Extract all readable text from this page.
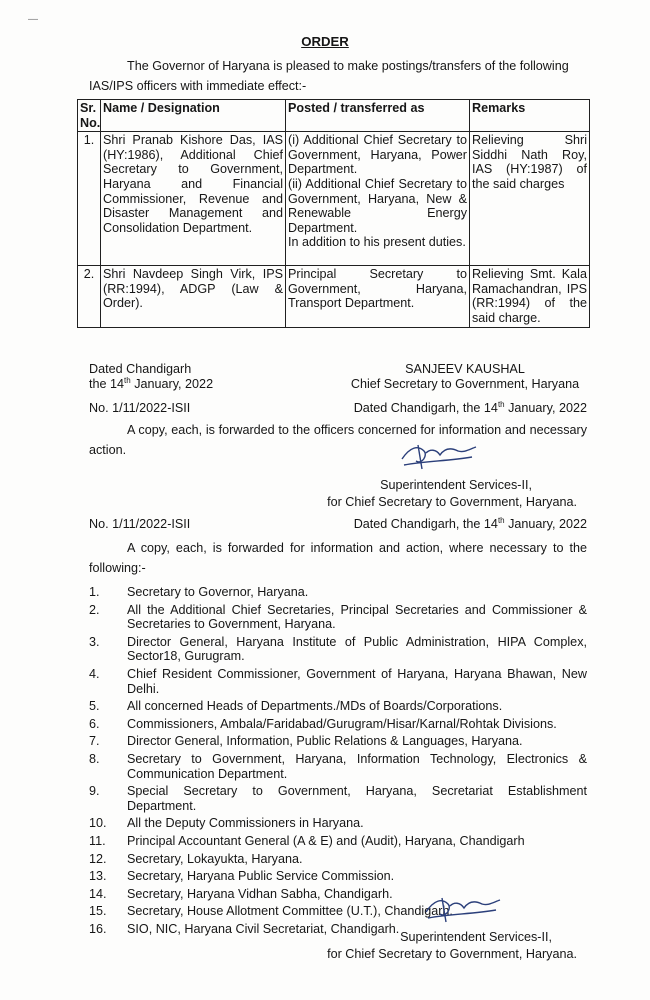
—
ORDER
The Governor of Haryana is pleased to make postings/transfers of the following IAS/IPS officers with immediate effect:-
Sr. No.	Name / Designation	Posted / transferred as	Remarks
1.	Shri Pranab Kishore Das, IAS (HY:1986), Additional Chief Secretary to Government, Haryana and Financial Commissioner, Revenue and Disaster Management and Consolidation Department.	(i) Additional Chief Secretary to Government, Haryana, Power Department.
(ii) Additional Chief Secretary to Government, Haryana, New & Renewable Energy Department.
In addition to his present duties.	Relieving Shri Siddhi Nath Roy, IAS (HY:1987) of the said charges
2.	Shri Navdeep Singh Virk, IPS (RR:1994), ADGP (Law & Order).	Principal Secretary to Government, Haryana, Transport Department.	Relieving Smt. Kala Ramachandran, IPS (RR:1994) of the said charge.
Dated Chandigarh
the 14th January, 2022
SANJEEV KAUSHAL
Chief Secretary to Government, Haryana
No. 1/11/2022-ISII	Dated Chandigarh, the 14th January, 2022
A copy, each, is forwarded to the officers concerned for information and necessary action.
Superintendent Services-II,
for Chief Secretary to Government, Haryana.
No. 1/11/2022-ISII	Dated Chandigarh, the 14th January, 2022
A copy, each, is forwarded for information and action, where necessary to the following:-
1.	Secretary to Governor, Haryana.
2.	All the Additional Chief Secretaries, Principal Secretaries and Commissioner & Secretaries to Government, Haryana.
3.	Director General, Haryana Institute of Public Administration, HIPA Complex, Sector18, Gurugram.
4.	Chief Resident Commissioner, Government of Haryana, Haryana Bhawan, New Delhi.
5.	All concerned Heads of Departments./MDs of Boards/Corporations.
6.	Commissioners, Ambala/Faridabad/Gurugram/Hisar/Karnal/Rohtak Divisions.
7.	Director General, Information, Public Relations & Languages, Haryana.
8.	Secretary to Government, Haryana, Information Technology, Electronics & Communication Department.
9.	Special Secretary to Government, Haryana, Secretariat Establishment Department.
10.	All the Deputy Commissioners in Haryana.
11.	Principal Accountant General (A & E) and (Audit), Haryana, Chandigarh
12.	Secretary, Lokayukta, Haryana.
13.	Secretary, Haryana Public Service Commission.
14.	Secretary, Haryana Vidhan Sabha, Chandigarh.
15.	Secretary, House Allotment Committee (U.T.), Chandigarh.
16.	SIO, NIC, Haryana Civil Secretariat, Chandigarh.
Superintendent Services-II,
for Chief Secretary to Government, Haryana.
